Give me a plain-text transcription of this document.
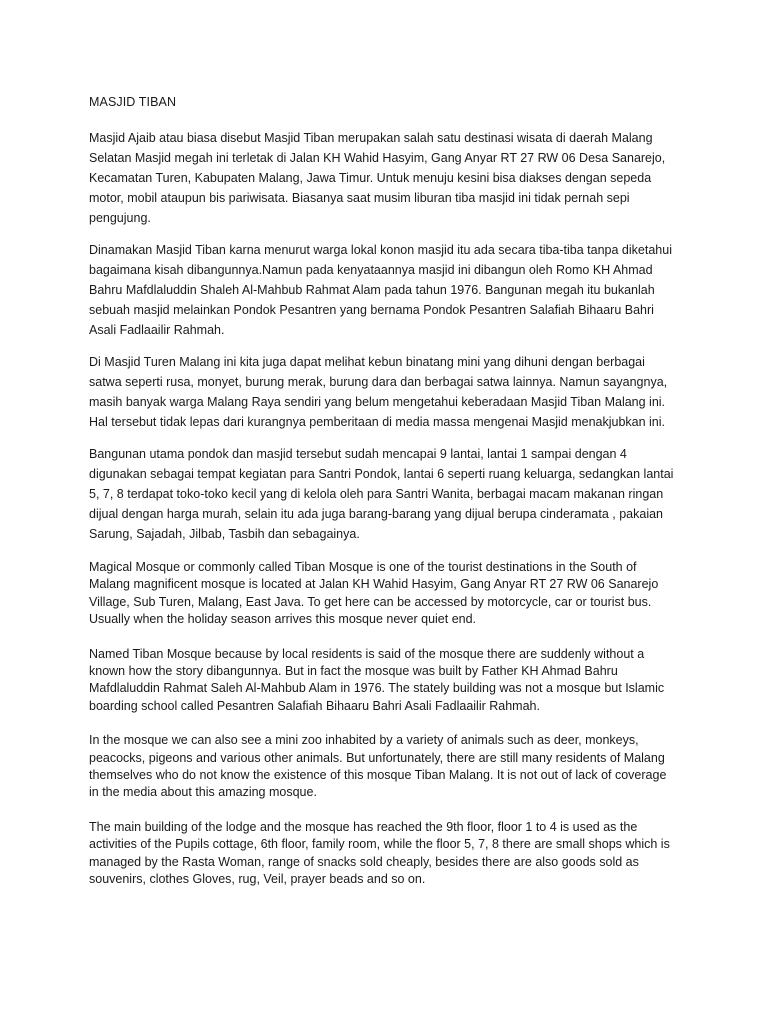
MASJID TIBAN

Masjid Ajaib atau biasa disebut Masjid Tiban merupakan salah satu destinasi wisata di daerah Malang Selatan Masjid megah ini terletak di Jalan KH Wahid Hasyim, Gang Anyar RT 27 RW 06 Desa Sanarejo, Kecamatan Turen, Kabupaten Malang, Jawa Timur. Untuk menuju kesini bisa diakses dengan sepeda motor, mobil ataupun bis pariwisata. Biasanya saat musim liburan tiba masjid ini tidak pernah sepi pengujung.

Dinamakan Masjid Tiban karna menurut warga lokal konon masjid itu ada secara tiba-tiba tanpa diketahui bagaimana kisah dibangunnya.Namun pada kenyataannya masjid ini dibangun oleh Romo KH Ahmad Bahru Mafdlaluddin Shaleh Al-Mahbub Rahmat Alam pada tahun 1976. Bangunan megah itu bukanlah sebuah masjid melainkan Pondok Pesantren yang bernama Pondok Pesantren Salafiah Bihaaru Bahri Asali Fadlaailir Rahmah.

Di Masjid Turen Malang ini kita juga dapat melihat kebun binatang mini yang dihuni dengan berbagai satwa seperti rusa, monyet, burung merak, burung dara dan berbagai satwa lainnya. Namun sayangnya, masih banyak warga Malang Raya sendiri yang belum mengetahui keberadaan Masjid Tiban Malang ini. Hal tersebut tidak lepas dari kurangnya pemberitaan di media massa mengenai Masjid menakjubkan ini.

Bangunan utama pondok dan masjid tersebut sudah mencapai 9 lantai, lantai 1 sampai dengan 4 digunakan sebagai tempat kegiatan para Santri Pondok, lantai 6 seperti ruang keluarga, sedangkan lantai 5, 7, 8 terdapat toko-toko kecil yang di kelola oleh para Santri Wanita, berbagai macam makanan ringan dijual dengan harga murah, selain itu ada juga barang-barang yang dijual berupa cinderamata , pakaian Sarung, Sajadah, Jilbab, Tasbih dan sebagainya.

Magical Mosque or commonly called Tiban Mosque is one of the tourist destinations in the South of Malang magnificent mosque is located at Jalan KH Wahid Hasyim, Gang Anyar RT 27 RW 06 Sanarejo Village, Sub Turen, Malang, East Java. To get here can be accessed by motorcycle, car or tourist bus. Usually when the holiday season arrives this mosque never quiet end.

Named Tiban Mosque because by local residents is said of the mosque there are suddenly without a known how the story dibangunnya. But in fact the mosque was built by Father KH Ahmad Bahru Mafdlaluddin Rahmat Saleh Al-Mahbub Alam in 1976. The stately building was not a mosque but Islamic boarding school called Pesantren Salafiah Bihaaru Bahri Asali Fadlaailir Rahmah.

In the mosque we can also see a mini zoo inhabited by a variety of animals such as deer, monkeys, peacocks, pigeons and various other animals. But unfortunately, there are still many residents of Malang themselves who do not know the existence of this mosque Tiban Malang. It is not out of lack of coverage in the media about this amazing mosque.

The main building of the lodge and the mosque has reached the 9th floor, floor 1 to 4 is used as the activities of the Pupils cottage, 6th floor, family room, while the floor 5, 7, 8 there are small shops which is managed by the Rasta Woman, range of snacks sold cheaply, besides there are also goods sold as souvenirs, clothes Gloves, rug, Veil, prayer beads and so on.
